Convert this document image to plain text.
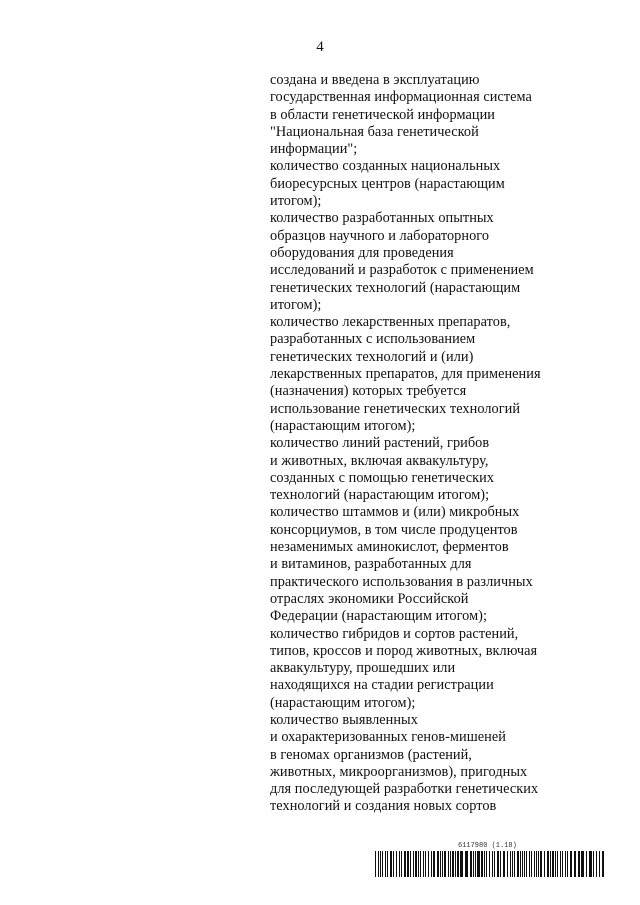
4
создана и введена в эксплуатацию
государственная информационная система
в области генетической информации
"Национальная база генетической
информации";
количество созданных национальных
биоресурсных центров (нарастающим
итогом);
количество разработанных опытных
образцов научного и лабораторного
оборудования для проведения
исследований и разработок с применением
генетических технологий (нарастающим
итогом);
количество лекарственных препаратов,
разработанных с использованием
генетических технологий и (или)
лекарственных препаратов, для применения
(назначения) которых требуется
использование генетических технологий
(нарастающим итогом);
количество линий растений, грибов
и животных, включая аквакультуру,
созданных с помощью генетических
технологий (нарастающим итогом);
количество штаммов и (или) микробных
консорциумов, в том числе продуцентов
незаменимых аминокислот, ферментов
и витаминов, разработанных для
практического использования в различных
отраслях экономики Российской
Федерации (нарастающим итогом);
количество гибридов и сортов растений,
типов, кроссов и пород животных, включая
аквакультуру, прошедших или
находящихся на стадии регистрации
(нарастающим итогом);
количество выявленных
и охарактеризованных генов-мишеней
в геномах организмов (растений,
животных, микроорганизмов), пригодных
для последующей разработки генетических
технологий и создания новых сортов
6117980 (1.18)
